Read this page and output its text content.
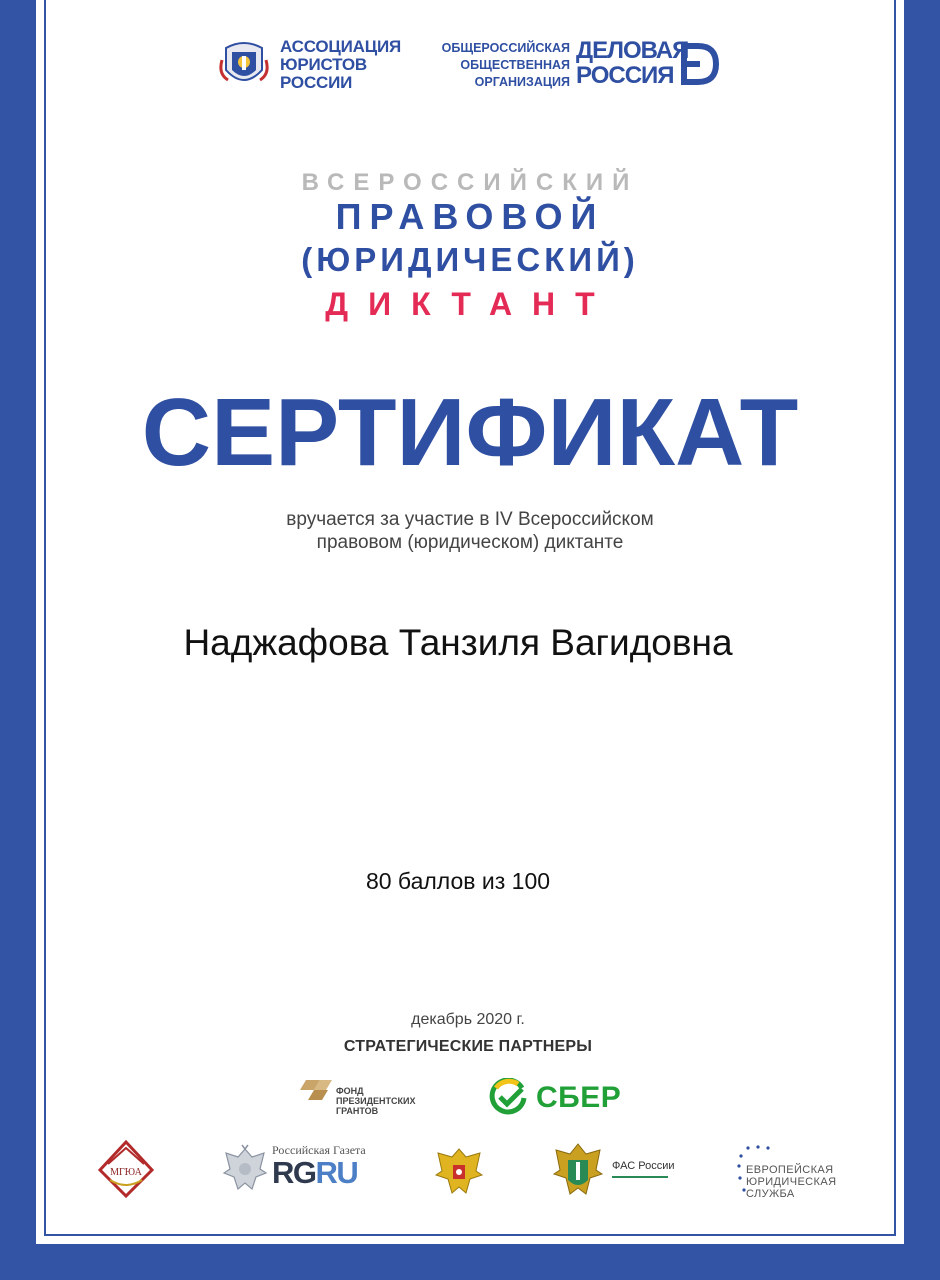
АССОЦИАЦИЯ
ЮРИСТОВ
РОССИИ
ОБЩЕРОССИЙСКАЯ
ОБЩЕСТВЕННАЯ
ОРГАНИЗАЦИЯ
ДЕЛОВАЯ
РОССИЯ
ВСЕРОССИЙСКИЙ
ПРАВОВОЙ
(ЮРИДИЧЕСКИЙ)
ДИКТАНТ
СЕРТИФИКАТ
вручается за участие в IV Всероссийском
правовом (юридическом) диктанте
Наджафова Танзиля Вагидовна
80 баллов из 100
декабрь 2020 г.
СТРАТЕГИЧЕСКИЕ ПАРТНЕРЫ
ФОНД
ПРЕЗИДЕНТСКИХ
ГРАНТОВ	СБЕР
МГЮА
Российская Газета
RGRU	ФАС России	ЕВРОПЕЙСКАЯ
ЮРИДИЧЕСКАЯ
СЛУЖБА
